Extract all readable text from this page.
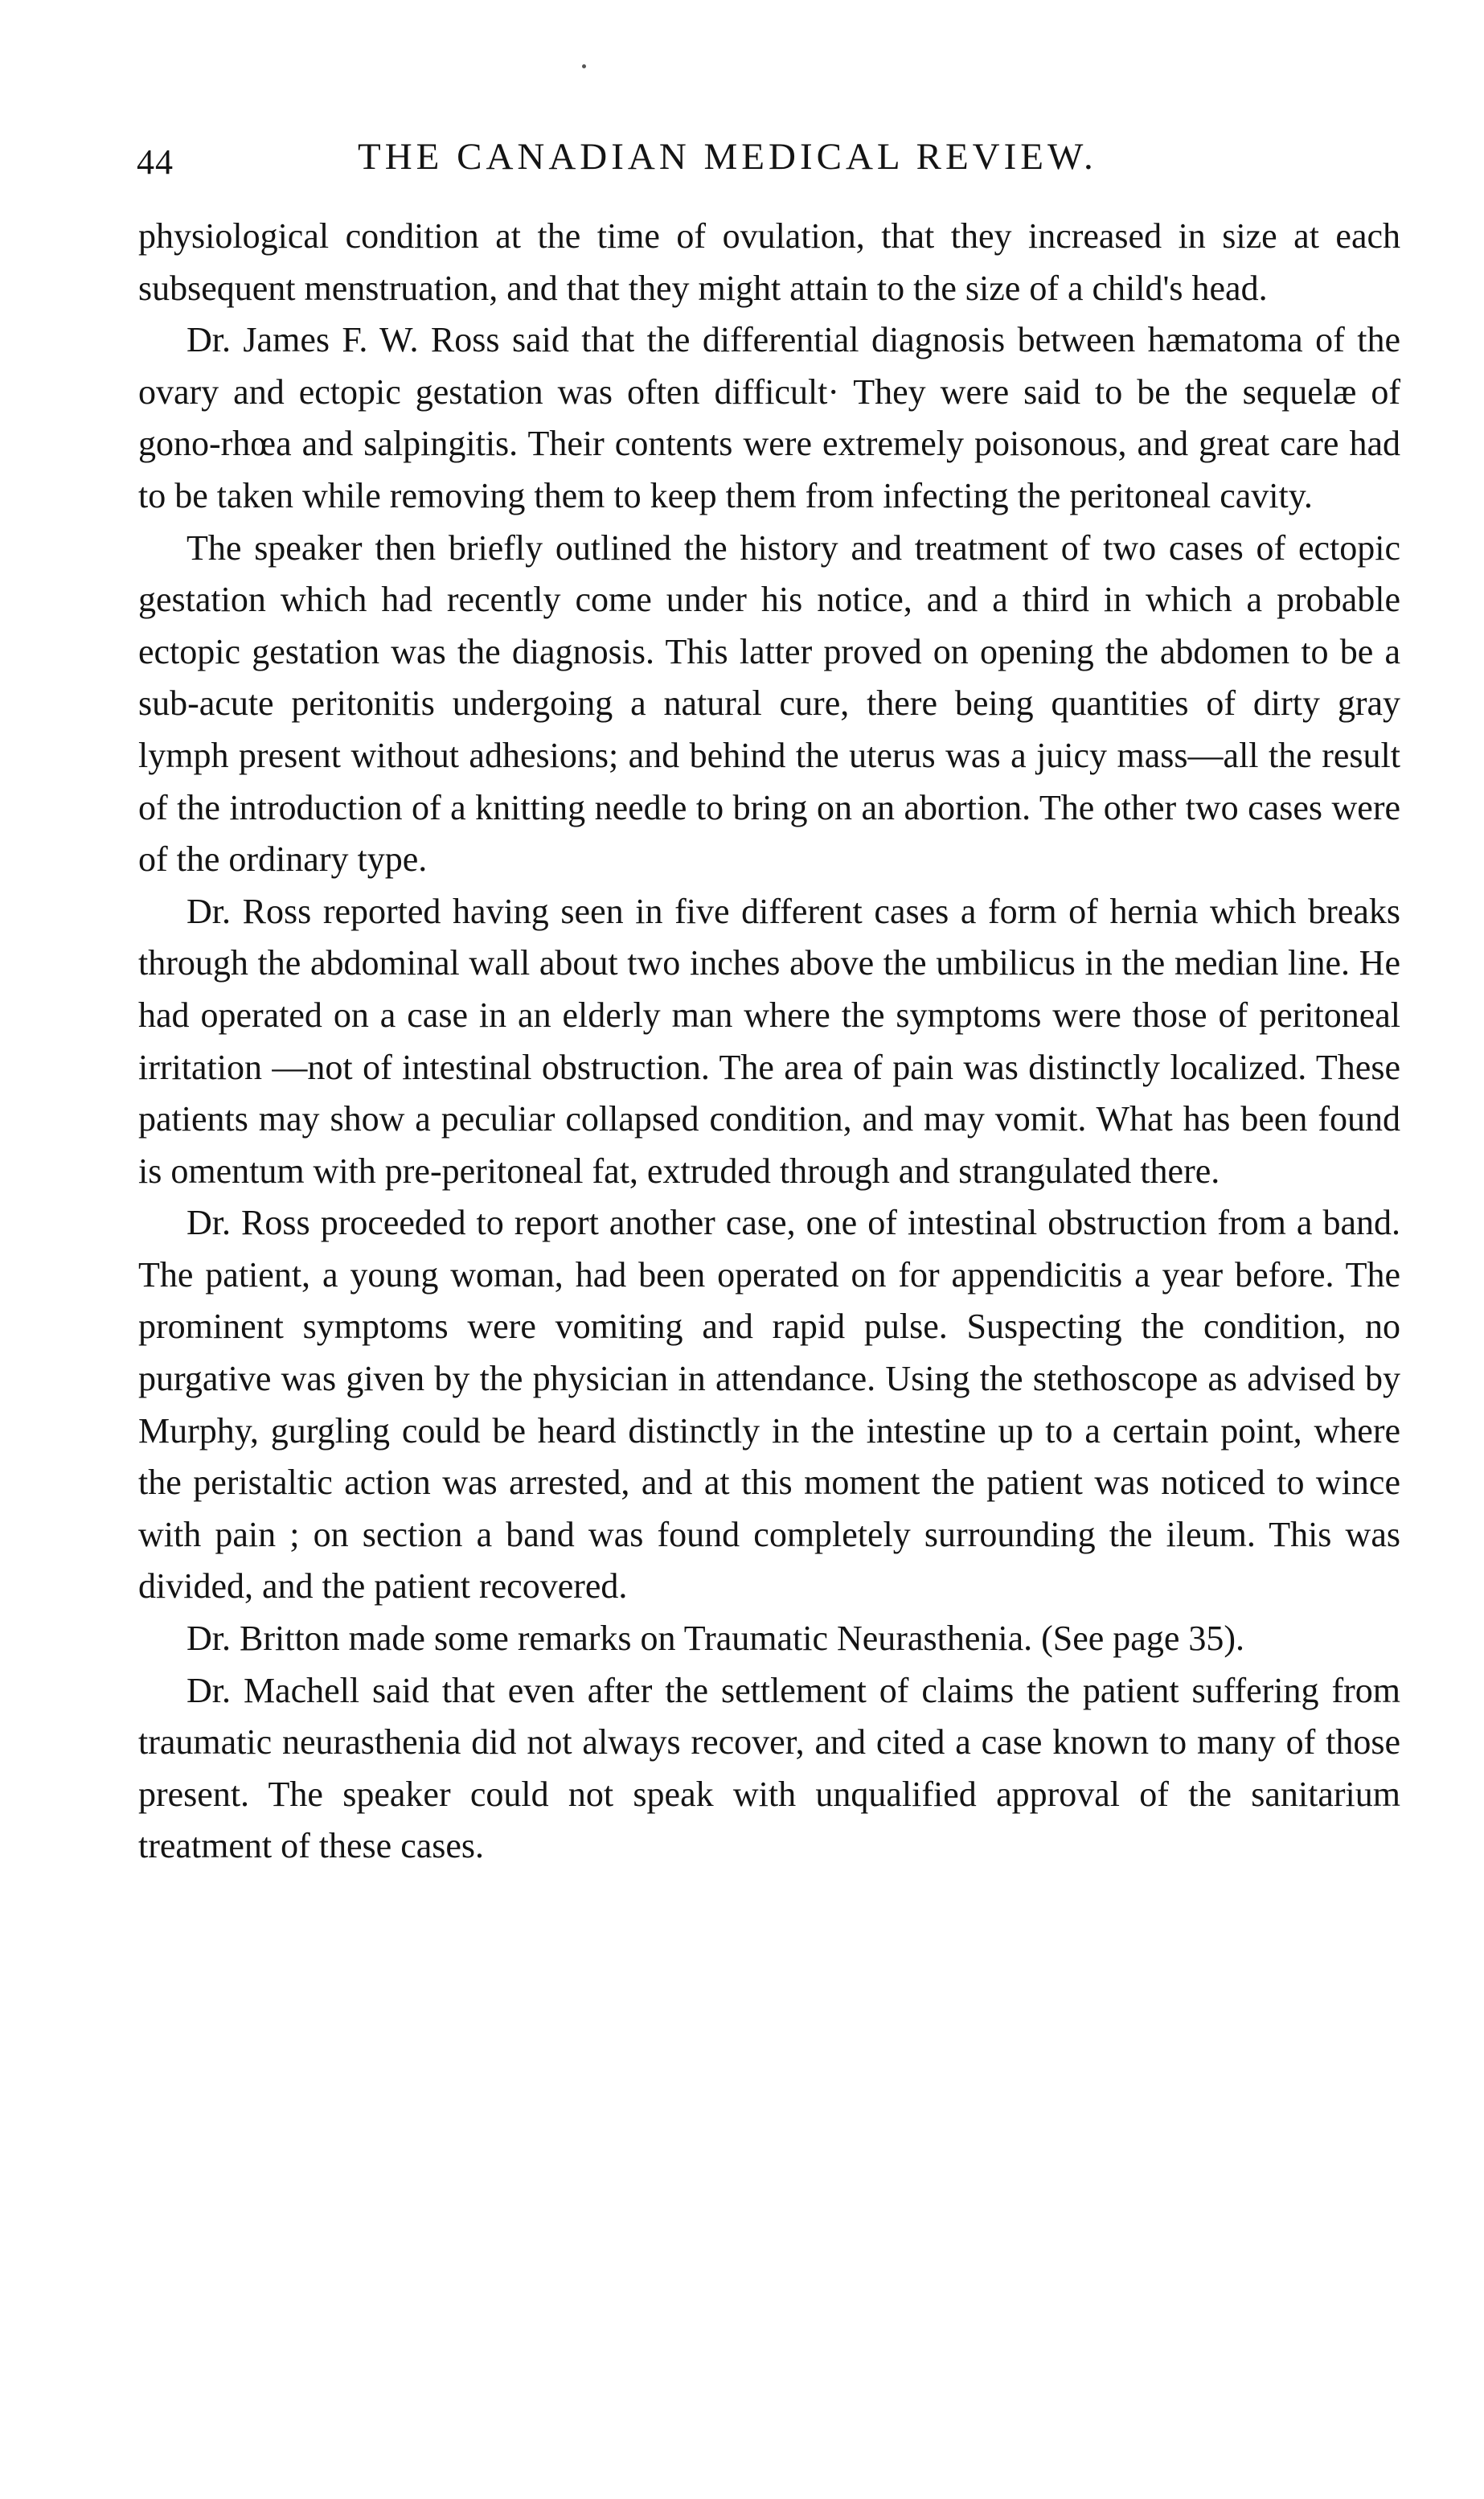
44	THE CANADIAN MEDICAL REVIEW.

physiological condition at the time of ovulation, that they increased in size at each subsequent menstruation, and that they might attain to the size of a child's head.

Dr. James F. W. Ross said that the differential diagnosis between hæmatoma of the ovary and ectopic gestation was often difficult· They were said to be the sequelæ of gono-rhœa and salpingitis. Their contents were extremely poisonous, and great care had to be taken while removing them to keep them from infecting the peritoneal cavity.

The speaker then briefly outlined the history and treatment of two cases of ectopic gestation which had recently come under his notice, and a third in which a probable ectopic gestation was the diagnosis. This latter proved on opening the abdomen to be a sub-acute peritonitis undergoing a natural cure, there being quantities of dirty gray lymph present without adhesions; and behind the uterus was a juicy mass—all the result of the introduction of a knitting needle to bring on an abortion. The other two cases were of the ordinary type.

Dr. Ross reported having seen in five different cases a form of hernia which breaks through the abdominal wall about two inches above the umbilicus in the median line. He had operated on a case in an elderly man where the symptoms were those of peritoneal irritation —not of intestinal obstruction. The area of pain was distinctly localized. These patients may show a peculiar collapsed condition, and may vomit. What has been found is omentum with pre-peritoneal fat, extruded through and strangulated there.

Dr. Ross proceeded to report another case, one of intestinal obstruction from a band. The patient, a young woman, had been operated on for appendicitis a year before. The prominent symptoms were vomiting and rapid pulse. Suspecting the condition, no purgative was given by the physician in attendance. Using the stethoscope as advised by Murphy, gurgling could be heard distinctly in the intestine up to a certain point, where the peristaltic action was arrested, and at this moment the patient was noticed to wince with pain ; on section a band was found completely surrounding the ileum. This was divided, and the patient recovered.

Dr. Britton made some remarks on Traumatic Neurasthenia. (See page 35).

Dr. Machell said that even after the settlement of claims the patient suffering from traumatic neurasthenia did not always recover, and cited a case known to many of those present. The speaker could not speak with unqualified approval of the sanitarium treatment of these cases.
